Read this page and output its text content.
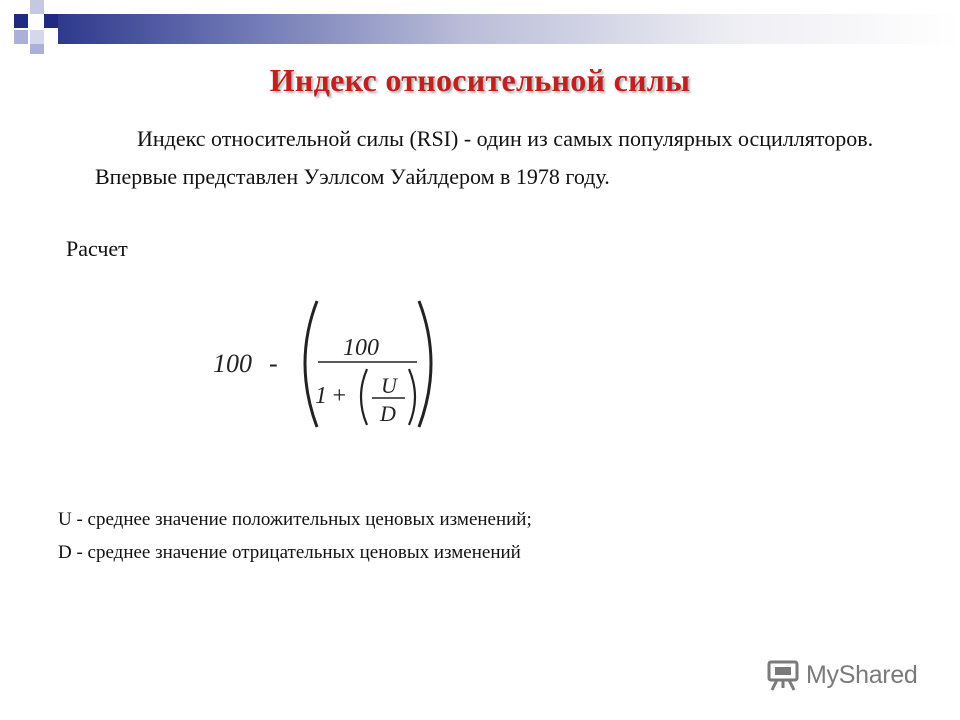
Индекс относительной силы
Индекс относительной силы (RSI) - один из самых популярных осцилляторов. Впервые представлен Уэллсом Уайлдером в 1978 году.
Расчет
100 -
100
1 + U
D
U - среднее значение положительных ценовых изменений;
D - среднее значение отрицательных ценовых изменений
MyShared
